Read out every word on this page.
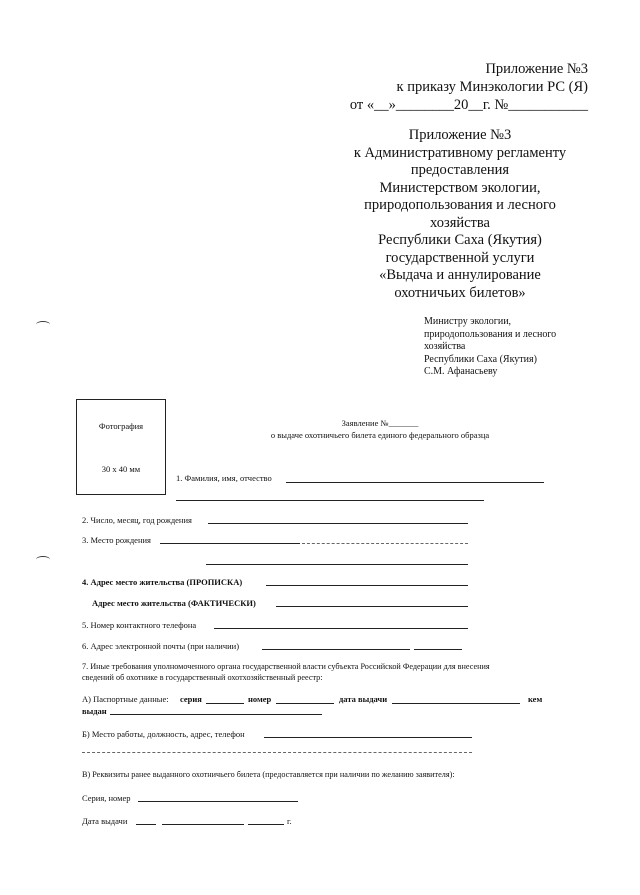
Приложение №3
к приказу Минэкологии РС (Я)
от «__»________20__г. №___________
Приложение №3
к Административному регламенту
предоставления
Министерством экологии,
природопользования и лесного
хозяйства
Республики Саха (Якутия)
государственной услуги
«Выдача и аннулирование
охотничьих билетов»
Министру экологии,
природопользования и лесного
хозяйства
Республики Саха (Якутия)
С.М. Афанасьеву
Фотография
30 х 40 мм
Заявление №_______
о выдаче охотничьего билета единого федерального образца
1. Фамилия, имя, отчество
2. Число, месяц, год рождения
3. Место рождения
4. Адрес место жительства (ПРОПИСКА)
Адрес место жительства (ФАКТИЧЕСКИ)
5. Номер контактного телефона
6. Адрес электронной почты (при наличии)
7. Иные требования уполномоченного органа государственной власти субъекта Российской Федерации для внесения
сведений об охотнике в государственный охотхозяйственный реестр:
А) Паспортные данные: серия	номер	дата выдачи	кем
выдан
Б) Место работы, должность, адрес, телефон
В) Реквизиты ранее выданного охотничьего билета (предоставляется при наличии по желанию заявителя):
Серия, номер
Дата выдачи	г.
